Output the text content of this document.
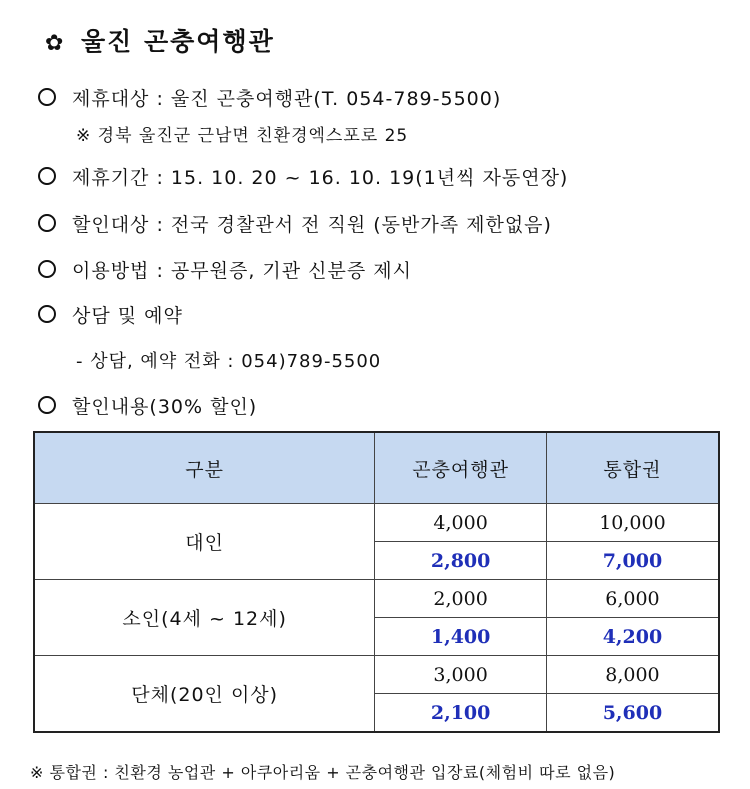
✿ 울진 곤충여행관
제휴대상 : 울진 곤충여행관(T. 054-789-5500)
※ 경북 울진군 근남면 친환경엑스포로 25
제휴기간 : 15. 10. 20 ~ 16. 10. 19(1년씩 자동연장)
할인대상 : 전국 경찰관서 전 직원 (동반가족 제한없음)
이용방법 : 공무원증, 기관 신분증 제시
상담 및 예약
- 상담, 예약 전화 : 054)789-5500
할인내용(30% 할인)
구분	곤충여행관	통합권
대인	4,000	10,000
	2,800	7,000
소인(4세 ~ 12세)	2,000	6,000
	1,400	4,200
단체(20인 이상)	3,000	8,000
	2,100	5,600
※ 통합권 : 친환경 농업관 + 아쿠아리움 + 곤충여행관 입장료(체험비 따로 없음)
